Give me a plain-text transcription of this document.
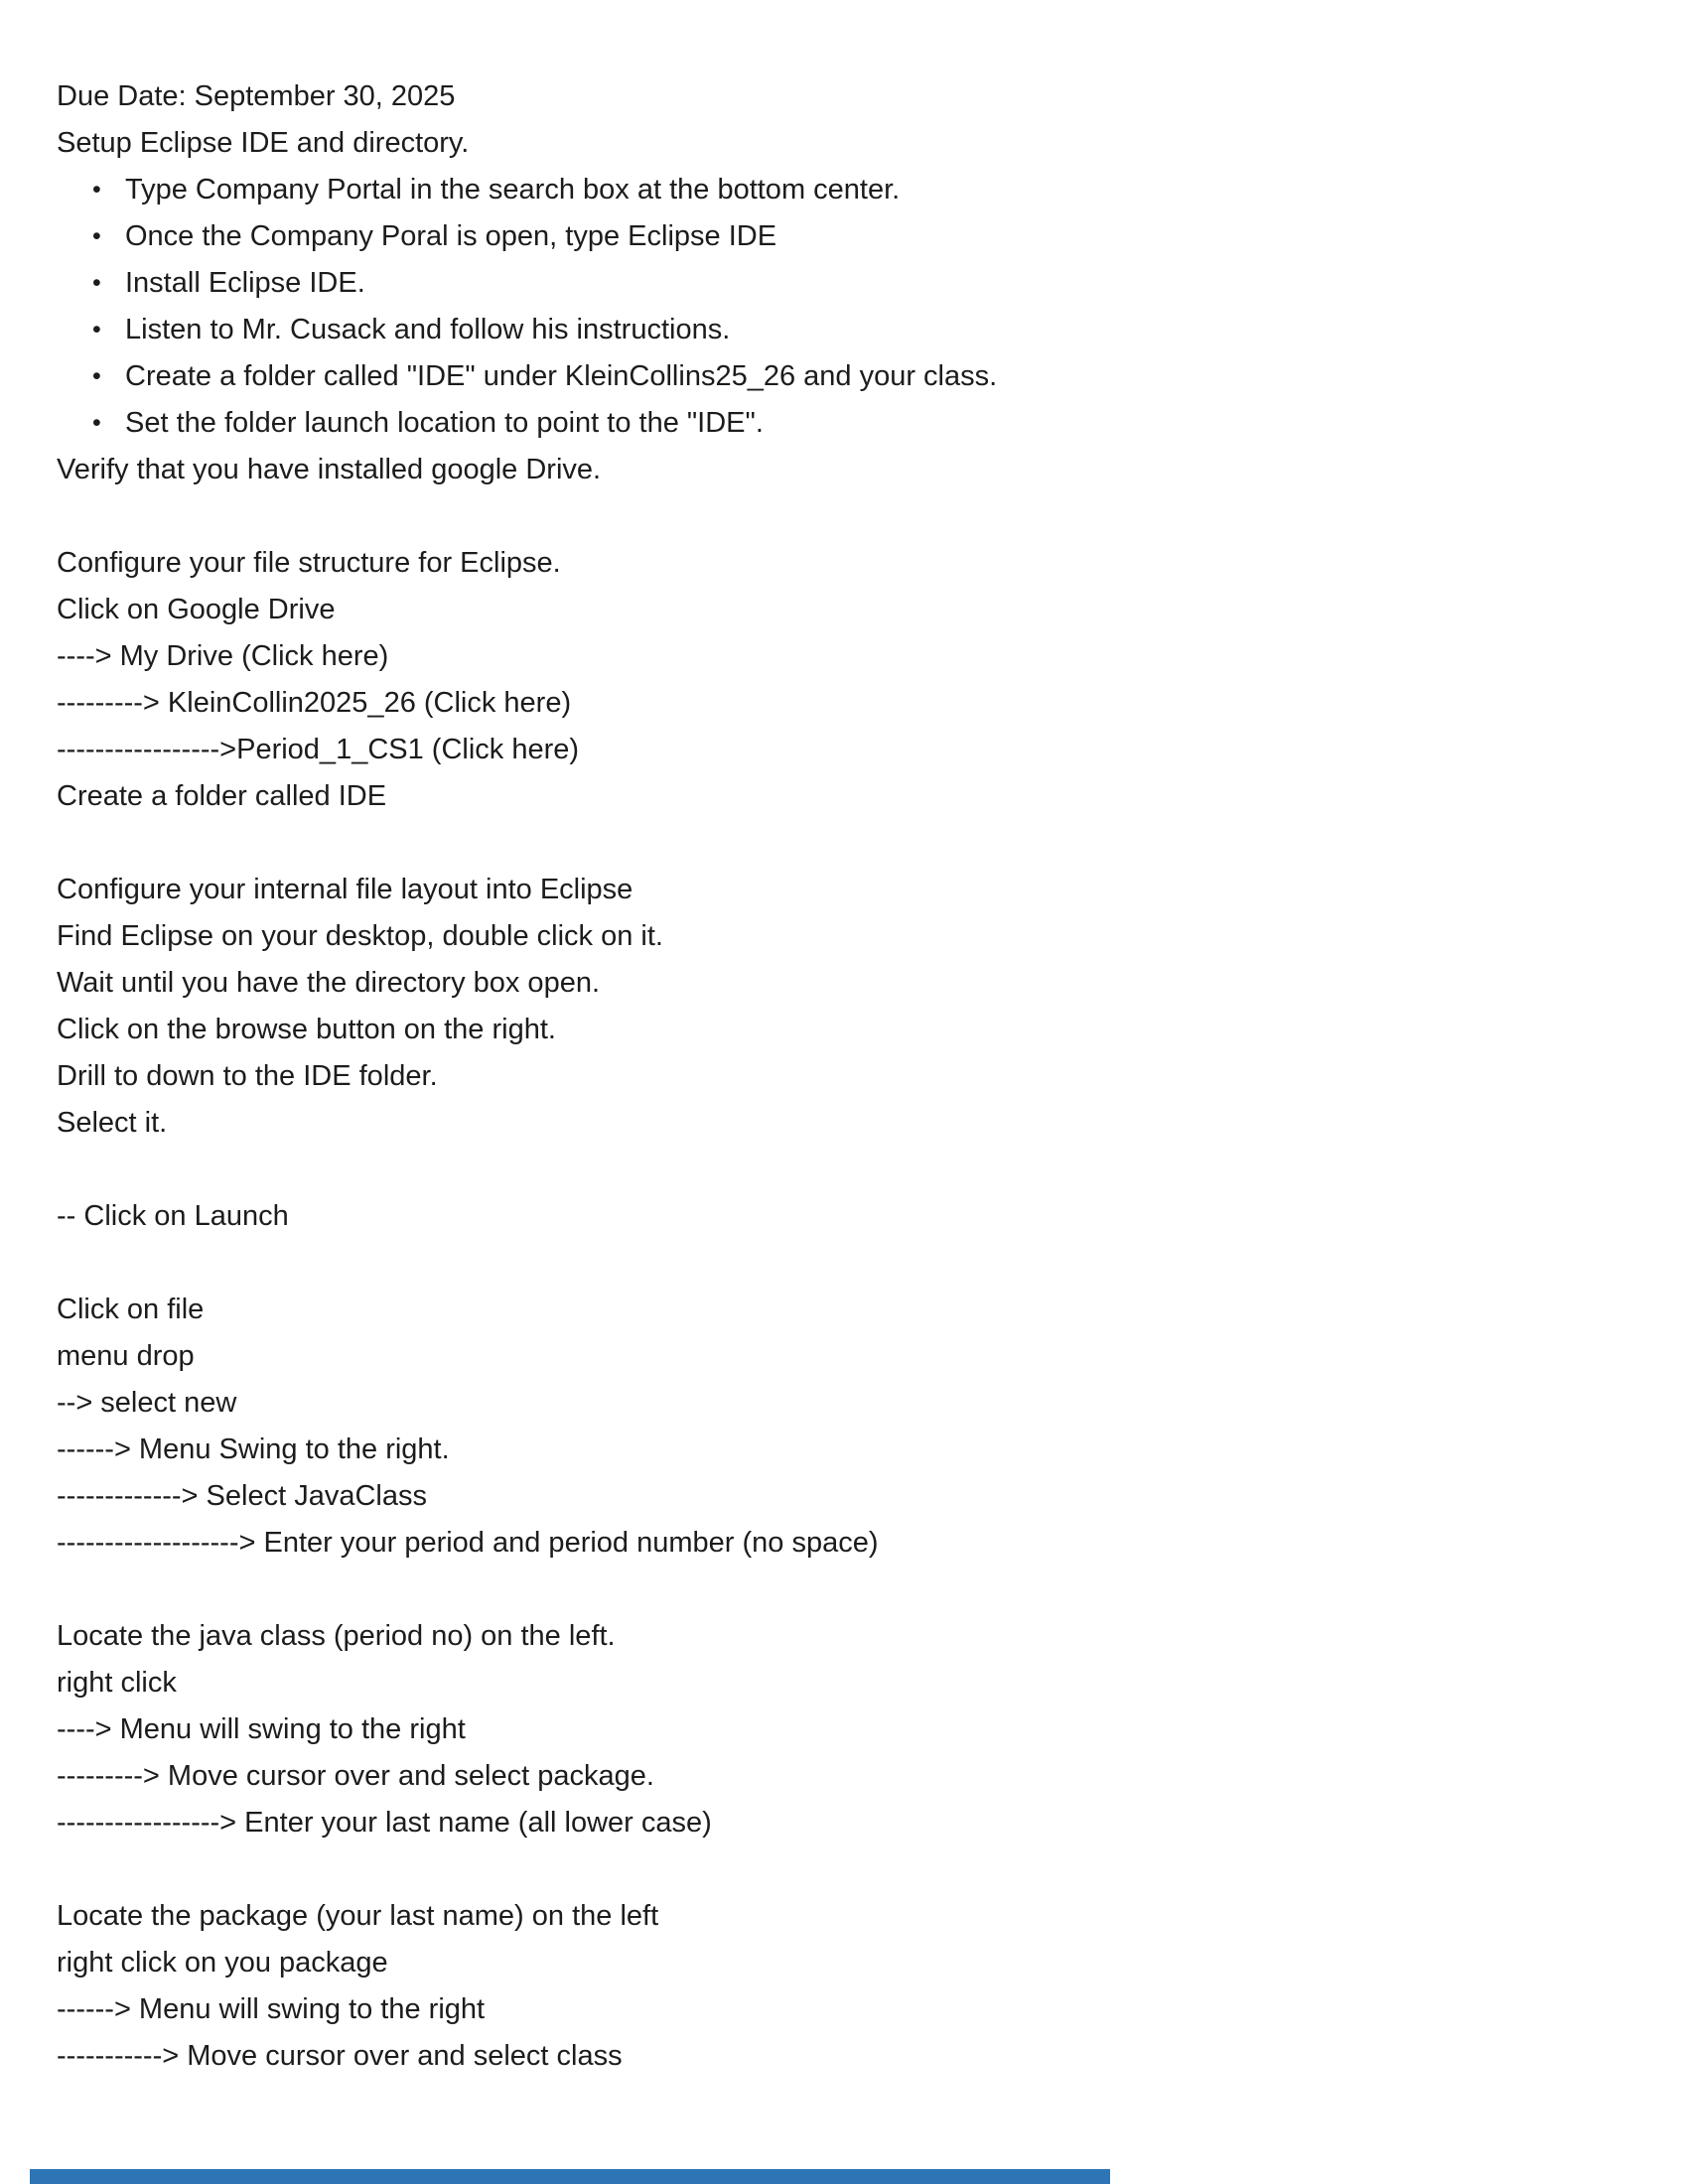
Due Date: September 30, 2025
Setup Eclipse IDE and directory.
• Type Company Portal in the search box at the bottom center.
• Once the Company Poral is open, type Eclipse IDE
• Install Eclipse IDE.
• Listen to Mr. Cusack and follow his instructions.
• Create a folder called "IDE" under KleinCollins25_26 and your class.
• Set the folder launch location to point to the "IDE".
Verify that you have installed google Drive.

Configure your file structure for Eclipse.
Click on Google Drive
----> My Drive (Click here)
---------> KleinCollin2025_26 (Click here)
----------------->Period_1_CS1 (Click here)
Create a folder called IDE

Configure your internal file layout into Eclipse
Find Eclipse on your desktop, double click on it.
Wait until you have the directory box open.
Click on the browse button on the right.
Drill to down to the IDE folder.
Select it.

-- Click on Launch

Click on file
menu drop
--> select new
------> Menu Swing to the right.
-------------> Select JavaClass
-------------------> Enter your period and period number (no space)

Locate the java class (period no) on the left.
right click
----> Menu will swing to the right
---------> Move cursor over and select package.
-----------------> Enter your last name (all lower case)

Locate the package (your last name) on the left
right click on you package
------> Menu will swing to the right
-----------> Move cursor over and select class
